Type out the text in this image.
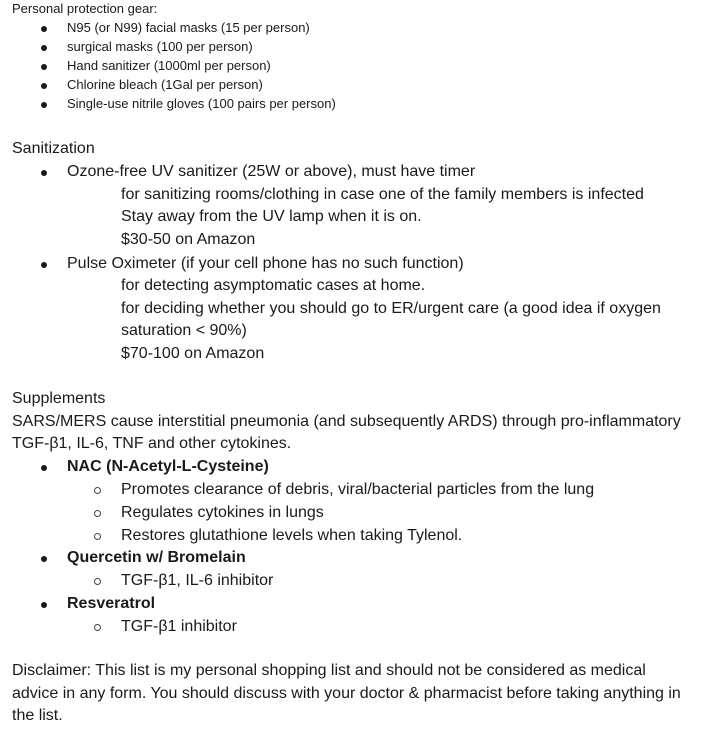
Personal protection gear:
N95 (or N99) facial masks (15 per person)
surgical masks (100 per person)
Hand sanitizer (1000ml per person)
Chlorine bleach (1Gal per person)
Single-use nitrile gloves (100 pairs per person)
Sanitization
Ozone-free UV sanitizer (25W or above), must have timer
for sanitizing rooms/clothing in case one of the family members is infected
Stay away from the UV lamp when it is on.
$30-50 on Amazon
Pulse Oximeter (if your cell phone has no such function)
for detecting asymptomatic cases at home.
for deciding whether you should go to ER/urgent care (a good idea if oxygen
saturation < 90%)
$70-100 on Amazon
Supplements
SARS/MERS cause interstitial pneumonia (and subsequently ARDS) through pro-inflammatory
TGF-β1, IL-6, TNF and other cytokines.
NAC (N-Acetyl-L-Cysteine)
Promotes clearance of debris, viral/bacterial particles from the lung
Regulates cytokines in lungs
Restores glutathione levels when taking Tylenol.
Quercetin w/ Bromelain
TGF-β1, IL-6 inhibitor
Resveratrol
TGF-β1 inhibitor
Disclaimer: This list is my personal shopping list and should not be considered as medical
advice in any form. You should discuss with your doctor & pharmacist before taking anything in
the list.
